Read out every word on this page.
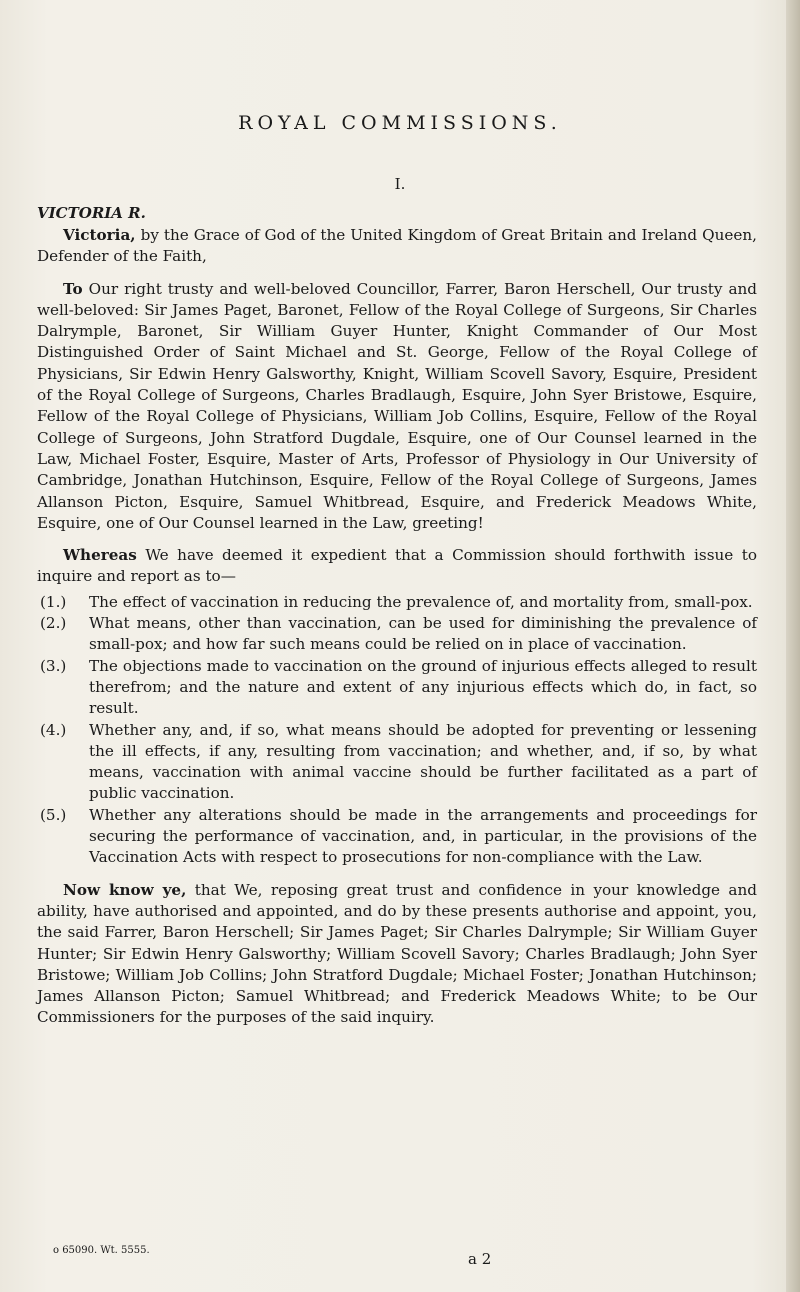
ROYAL COMMISSIONS.
I.
VICTORIA R.

Victoria, by the Grace of God of the United Kingdom of Great Britain and Ireland Queen, Defender of the Faith,

To Our right trusty and well-beloved Councillor, Farrer, Baron Herschell, Our trusty and well-beloved: Sir James Paget, Baronet, Fellow of the Royal College of Surgeons, Sir Charles Dalrymple, Baronet, Sir William Guyer Hunter, Knight Commander of Our Most Distinguished Order of Saint Michael and St. George, Fellow of the Royal College of Physicians, Sir Edwin Henry Galsworthy, Knight, William Scovell Savory, Esquire, President of the Royal College of Surgeons, Charles Bradlaugh, Esquire, John Syer Bristowe, Esquire, Fellow of the Royal College of Physicians, William Job Collins, Esquire, Fellow of the Royal College of Surgeons, John Stratford Dugdale, Esquire, one of Our Counsel learned in the Law, Michael Foster, Esquire, Master of Arts, Professor of Physiology in Our University of Cambridge, Jonathan Hutchinson, Esquire, Fellow of the Royal College of Surgeons, James Allanson Picton, Esquire, Samuel Whitbread, Esquire, and Frederick Meadows White, Esquire, one of Our Counsel learned in the Law, greeting!

Whereas We have deemed it expedient that a Commission should forthwith issue to inquire and report as to—

(1.)	The effect of vaccination in reducing the prevalence of, and mortality from, small-pox.
(2.)	What means, other than vaccination, can be used for diminishing the prevalence of small-pox; and how far such means could be relied on in place of vaccination.
(3.)	The objections made to vaccination on the ground of injurious effects alleged to result therefrom; and the nature and extent of any injurious effects which do, in fact, so result.
(4.)	Whether any, and, if so, what means should be adopted for preventing or lessening the ill effects, if any, resulting from vaccination; and whether, and, if so, by what means, vaccination with animal vaccine should be further facilitated as a part of public vaccination.
(5.)	Whether any alterations should be made in the arrangements and proceedings for securing the performance of vaccination, and, in particular, in the provisions of the Vaccination Acts with respect to prosecutions for non-compliance with the Law.

Now know ye, that We, reposing great trust and confidence in your knowledge and ability, have authorised and appointed, and do by these presents authorise and appoint, you, the said Farrer, Baron Herschell; Sir James Paget; Sir Charles Dalrymple; Sir William Guyer Hunter; Sir Edwin Henry Galsworthy; William Scovell Savory; Charles Bradlaugh; John Syer Bristowe; William Job Collins; John Stratford Dugdale; Michael Foster; Jonathan Hutchinson; James Allanson Picton; Samuel Whitbread; and Frederick Meadows White; to be Our Commissioners for the purposes of the said inquiry.

o 65090. Wt. 5555.	a 2
